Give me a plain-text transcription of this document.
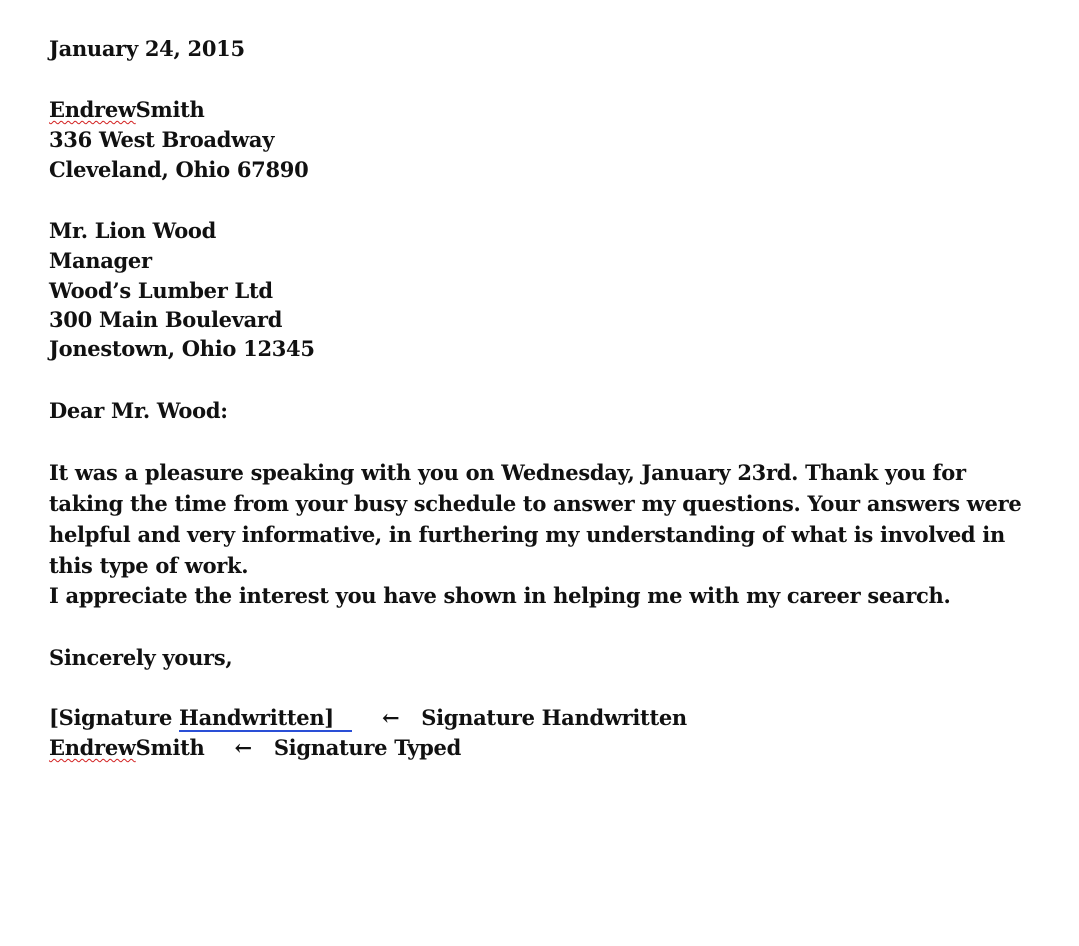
January 24, 2015
EndrewSmith
336 West Broadway
Cleveland, Ohio 67890
Mr. Lion Wood
Manager
Wood’s Lumber Ltd
300 Main Boulevard
Jonestown, Ohio 12345
Dear Mr. Wood:
It was a pleasure speaking with you on Wednesday, January 23rd. Thank you for taking the time from your busy schedule to answer my questions. Your answers were helpful and very informative, in furthering my understanding of what is involved in this type of work.
I appreciate the interest you have shown in helping me with my career search.
Sincerely yours,
[Signature Handwritten] ← Signature Handwritten
EndrewSmith ← Signature Typed
